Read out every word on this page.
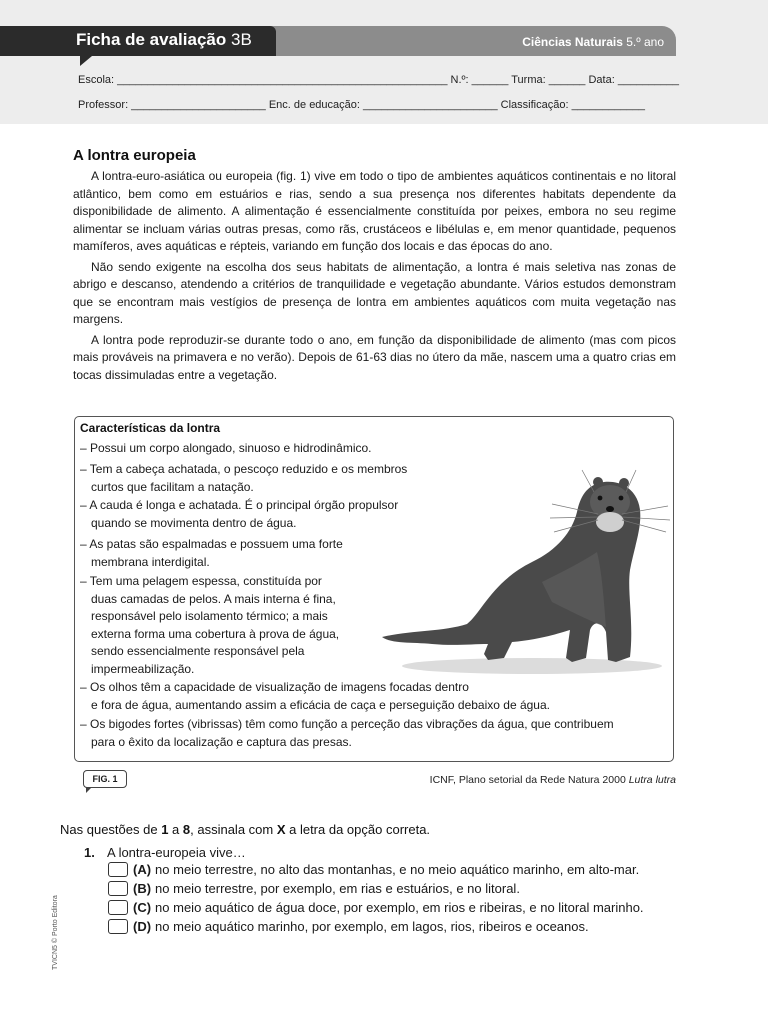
Ficha de avaliação 3B	Ciências Naturais 5.º ano
Escola: ______________________________________________________ N.º: ______ Turma: ______ Data: __________
Professor: ______________________ Enc. de educação: ______________________ Classificação: ____________
A lontra europeia

A lontra-euro-asiática ou europeia (fig. 1) vive em todo o tipo de ambientes aquáticos continentais e no litoral atlântico, bem como em estuários e rias, sendo a sua presença nos diferentes habitats dependente da disponibilidade de alimento. A alimentação é essencialmente constituída por peixes, embora no seu regime alimentar se incluam várias outras presas, como rãs, crustáceos e libélulas e, em menor quantidade, pequenos mamíferos, aves aquáticas e répteis, variando em função dos locais e das épocas do ano.

Não sendo exigente na escolha dos seus habitats de alimentação, a lontra é mais seletiva nas zonas de abrigo e descanso, atendendo a critérios de tranquilidade e vegetação abundante. Vários estudos demonstram que se encontram mais vestígios de presença de lontra em ambientes aquáticos com muita vegetação nas margens.

A lontra pode reproduzir-se durante todo o ano, em função da disponibilidade de alimento (mas com picos mais prováveis na primavera e no verão). Depois de 61-63 dias no útero da mãe, nascem uma a quatro crias em tocas dissimuladas entre a vegetação.

Características da lontra
– Possui um corpo alongado, sinuoso e hidrodinâmico.
– Tem a cabeça achatada, o pescoço reduzido e os membros
curtos que facilitam a natação.
– A cauda é longa e achatada. É o principal órgão propulsor
quando se movimenta dentro de água.
– As patas são espalmadas e possuem uma forte
membrana interdigital.
– Tem uma pelagem espessa, constituída por
duas camadas de pelos. A mais interna é fina,
responsável pelo isolamento térmico; a mais
externa forma uma cobertura à prova de água,
sendo essencialmente responsável pela
impermeabilização.
– Os olhos têm a capacidade de visualização de imagens focadas dentro
e fora de água, aumentando assim a eficácia de caça e perseguição debaixo de água.
– Os bigodes fortes (vibrissas) têm como função a perceção das vibrações da água, que contribuem
para o êxito da localização e captura das presas.
FIG. 1	ICNF, Plano setorial da Rede Natura 2000 Lutra lutra
Nas questões de 1 a 8, assinala com X a letra da opção correta.
1. A lontra-europeia vive…
(A) no meio terrestre, no alto das montanhas, e no meio aquático marinho, em alto-mar.
(B) no meio terrestre, por exemplo, em rias e estuários, e no litoral.
(C) no meio aquático de água doce, por exemplo, em rios e ribeiras, e no litoral marinho.
(D) no meio aquático marinho, por exemplo, em lagos, rios, ribeiros e oceanos.
TVICN5 © Porto Editora
